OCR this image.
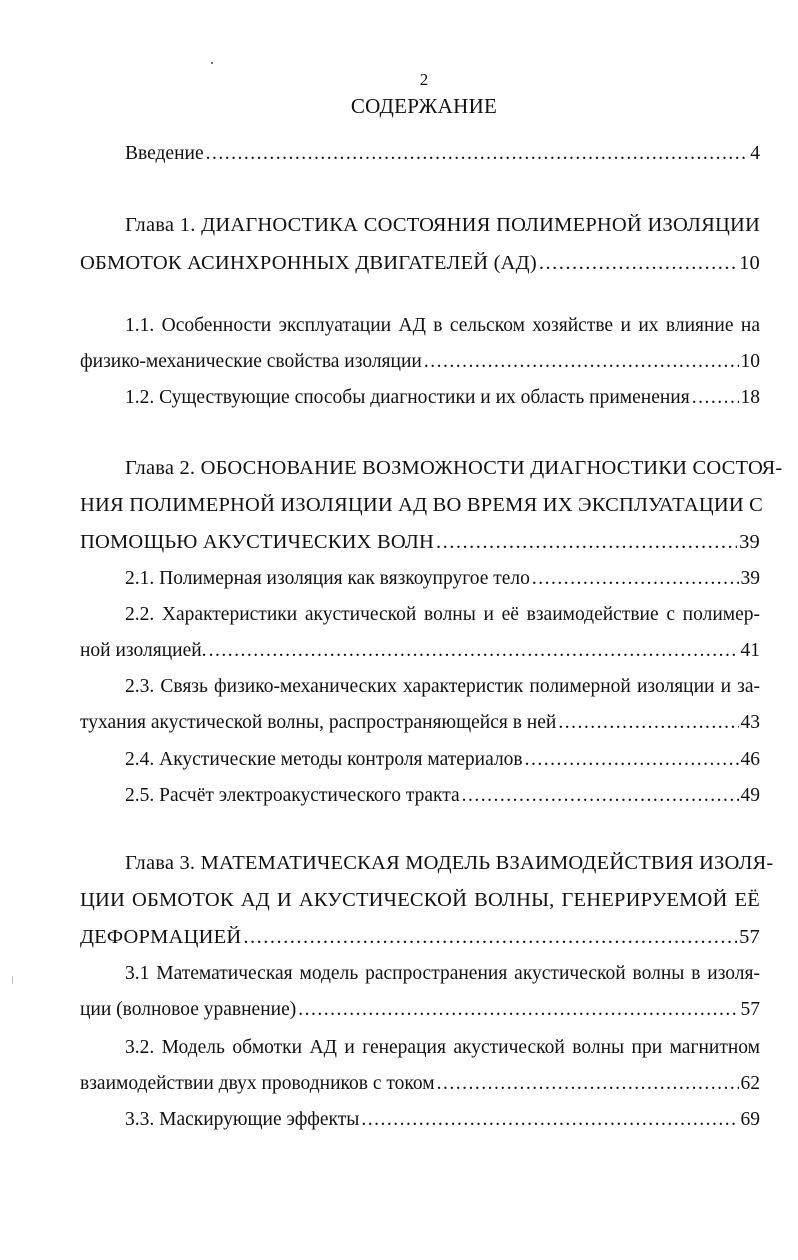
2
СОДЕРЖАНИЕ
Введение .....	4
Глава 1. ДИАГНОСТИКА СОСТОЯНИЯ ПОЛИМЕРНОЙ ИЗОЛЯЦИИ
ОБМОТОК АСИНХРОННЫХ ДВИГАТЕЛЕЙ (АД) .....	10
1.1. Особенности эксплуатации АД в сельском хозяйстве и их влияние на
физико-механические свойства изоляции .....	10
1.2. Существующие способы диагностики и их область применения .....	18
Глава 2. ОБОСНОВАНИЕ ВОЗМОЖНОСТИ ДИАГНОСТИКИ СОСТОЯ-
НИЯ ПОЛИМЕРНОЙ ИЗОЛЯЦИИ АД ВО ВРЕМЯ ИХ ЭКСПЛУАТАЦИИ С
ПОМОЩЬЮ АКУСТИЧЕСКИХ ВОЛН .....	39
2.1. Полимерная изоляция как вязкоупругое тело .....	39
2.2. Характеристики акустической волны и её взаимодействие с полимер-
ной изоляцией. .....	41
2.3. Связь физико-механических характеристик полимерной изоляции и за-
тухания акустической волны, распространяющейся в ней .....	43
2.4. Акустические методы контроля материалов .....	46
2.5. Расчёт электроакустического тракта .....	49
Глава 3. МАТЕМАТИЧЕСКАЯ МОДЕЛЬ ВЗАИМОДЕЙСТВИЯ ИЗОЛЯ-
ЦИИ ОБМОТОК АД И АКУСТИЧЕСКОЙ ВОЛНЫ, ГЕНЕРИРУЕМОЙ ЕЁ
ДЕФОРМАЦИЕЙ .....	57
3.1 Математическая модель распространения акустической волны в изоля-
ции (волновое уравнение) .....	57
3.2. Модель обмотки АД и генерация акустической волны при магнитном
взаимодействии двух проводников с током .....	62
3.3. Маскирующие эффекты .....	69
